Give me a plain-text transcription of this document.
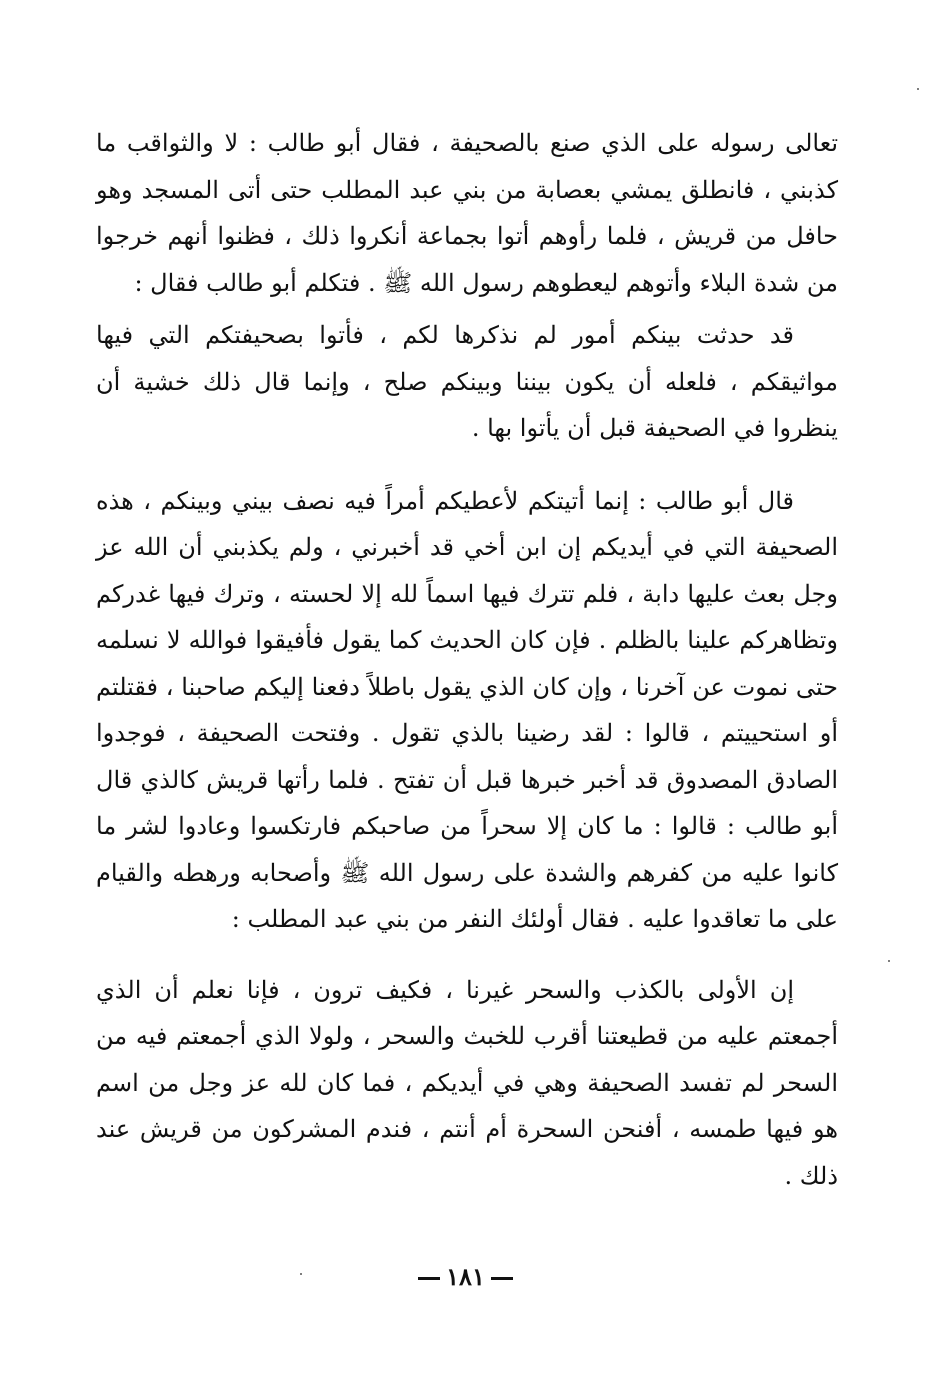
تعالى رسوله على الذي صنع بالصحيفة ، فقال أبو طالب : لا والثواقب ما كذبني ، فانطلق يمشي بعصابة من بني عبد المطلب حتى أتى المسجد وهو حافل من قريش ، فلما رأوهم أتوا بجماعة أنكروا ذلك ، فظنوا أنهم خرجوا من شدة البلاء وأتوهم ليعطوهم رسول الله ﷺ . فتكلم أبو طالب فقال :

قد حدثت بينكم أمور لم نذكرها لكم ، فأتوا بصحيفتكم التي فيها مواثيقكم ، فلعله أن يكون بيننا وبينكم صلح ، وإنما قال ذلك خشية أن ينظروا في الصحيفة قبل أن يأتوا بها .

قال أبو طالب : إنما أتيتكم لأعطيكم أمراً فيه نصف بيني وبينكم ، هذه الصحيفة التي في أيديكم إن ابن أخي قد أخبرني ، ولم يكذبني أن الله عز وجل بعث عليها دابة ، فلم تترك فيها اسماً لله إلا لحسته ، وترك فيها غدركم وتظاهركم علينا بالظلم . فإن كان الحديث كما يقول فأفيقوا فوالله لا نسلمه حتى نموت عن آخرنا ، وإن كان الذي يقول باطلاً دفعنا إليكم صاحبنا ، فقتلتم أو استحييتم ، قالوا : لقد رضينا بالذي تقول . وفتحت الصحيفة ، فوجدوا الصادق المصدوق قد أخبر خبرها قبل أن تفتح . فلما رأتها قريش كالذي قال أبو طالب : قالوا : ما كان إلا سحراً من صاحبكم فارتكسوا وعادوا لشر ما كانوا عليه من كفرهم والشدة على رسول الله ﷺ وأصحابه ورهطه والقيام على ما تعاقدوا عليه . فقال أولئك النفر من بني عبد المطلب :

إن الأولى بالكذب والسحر غيرنا ، فكيف ترون ، فإنا نعلم أن الذي أجمعتم عليه من قطيعتنا أقرب للخبث والسحر ، ولولا الذي أجمعتم فيه من السحر لم تفسد الصحيفة وهي في أيديكم ، فما كان لله عز وجل من اسم هو فيها طمسه ، أفنحن السحرة أم أنتم ، فندم المشركون من قريش عند ذلك .

١٨١
